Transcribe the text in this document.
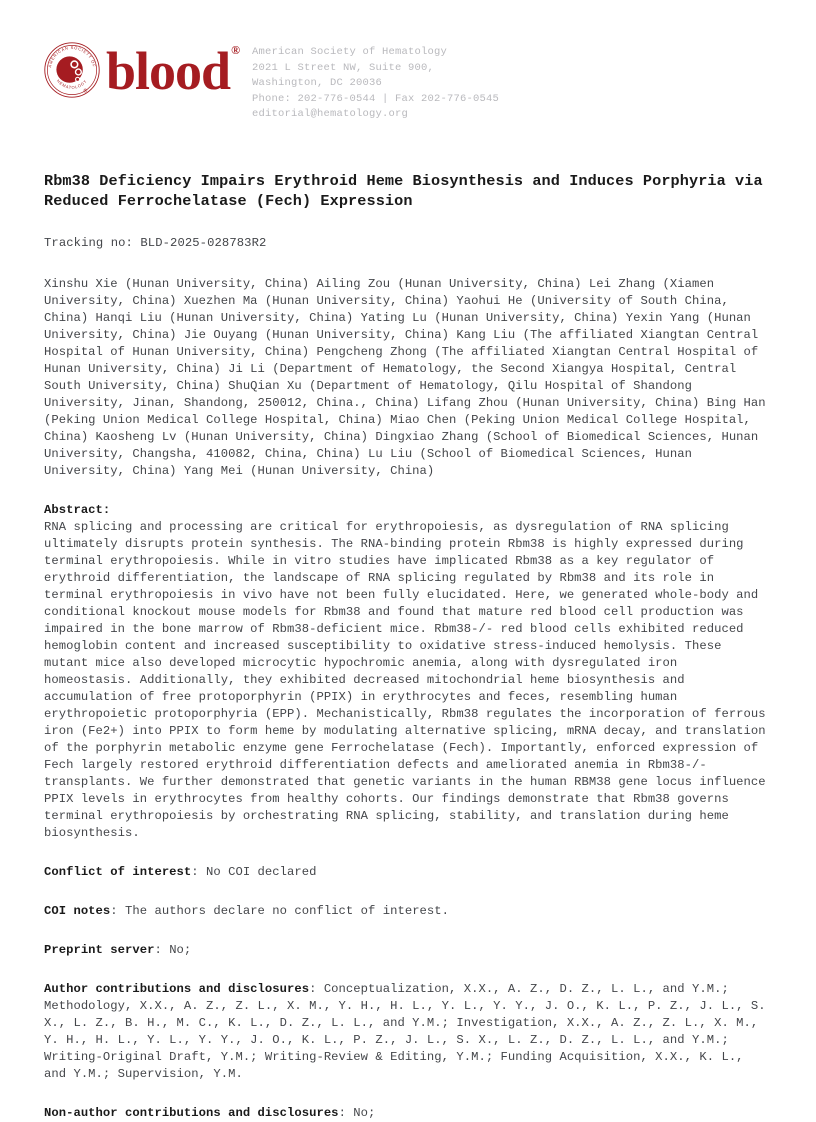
AMERICAN SOCIETY OF
HEMATOLOGY
® blood® American Society of Hematology
2021 L Street NW, Suite 900,
Washington, DC 20036
Phone: 202-776-0544 | Fax 202-776-0545
editorial@hematology.org
Rbm38 Deficiency Impairs Erythroid Heme Biosynthesis and Induces Porphyria via Reduced Ferrochelatase (Fech) Expression
Tracking no: BLD-2025-028783R2
Xinshu Xie (Hunan University, China) Ailing Zou (Hunan University, China) Lei Zhang (Xiamen University, China) Xuezhen Ma (Hunan University, China) Yaohui He (University of South China, China) Hanqi Liu (Hunan University, China) Yating Lu (Hunan University, China) Yexin Yang (Hunan University, China) Jie Ouyang (Hunan University, China) Kang Liu (The affiliated Xiangtan Central Hospital of Hunan University, China) Pengcheng Zhong (The affiliated Xiangtan Central Hospital of Hunan University, China) Ji Li (Department of Hematology, the Second Xiangya Hospital, Central South University, China) ShuQian Xu (Department of Hematology, Qilu Hospital of Shandong University, Jinan, Shandong, 250012, China., China) Lifang Zhou (Hunan University, China) Bing Han (Peking Union Medical College Hospital, China) Miao Chen (Peking Union Medical College Hospital, China) Kaosheng Lv (Hunan University, China) Dingxiao Zhang (School of Biomedical Sciences, Hunan University, Changsha, 410082, China, China) Lu Liu (School of Biomedical Sciences, Hunan University, China) Yang Mei (Hunan University, China)
Abstract:
RNA splicing and processing are critical for erythropoiesis, as dysregulation of RNA splicing ultimately disrupts protein synthesis. The RNA-binding protein Rbm38 is highly expressed during terminal erythropoiesis. While in vitro studies have implicated Rbm38 as a key regulator of erythroid differentiation, the landscape of RNA splicing regulated by Rbm38 and its role in terminal erythropoiesis in vivo have not been fully elucidated. Here, we generated whole-body and conditional knockout mouse models for Rbm38 and found that mature red blood cell production was impaired in the bone marrow of Rbm38-deficient mice. Rbm38-/- red blood cells exhibited reduced hemoglobin content and increased susceptibility to oxidative stress-induced hemolysis. These mutant mice also developed microcytic hypochromic anemia, along with dysregulated iron homeostasis. Additionally, they exhibited decreased mitochondrial heme biosynthesis and accumulation of free protoporphyrin (PPIX) in erythrocytes and feces, resembling human erythropoietic protoporphyria (EPP). Mechanistically, Rbm38 regulates the incorporation of ferrous iron (Fe2+) into PPIX to form heme by modulating alternative splicing, mRNA decay, and translation of the porphyrin metabolic enzyme gene Ferrochelatase (Fech). Importantly, enforced expression of Fech largely restored erythroid differentiation defects and ameliorated anemia in Rbm38-/- transplants. We further demonstrated that genetic variants in the human RBM38 gene locus influence PPIX levels in erythrocytes from healthy cohorts. Our findings demonstrate that Rbm38 governs terminal erythropoiesis by orchestrating RNA splicing, stability, and translation during heme biosynthesis.
Conflict of interest: No COI declared
COI notes: The authors declare no conflict of interest.
Preprint server: No;
Author contributions and disclosures: Conceptualization, X.X., A. Z., D. Z., L. L., and Y.M.; Methodology, X.X., A. Z., Z. L., X. M., Y. H., H. L., Y. L., Y. Y., J. O., K. L., P. Z., J. L., S. X., L. Z., B. H., M. C., K. L., D. Z., L. L., and Y.M.; Investigation, X.X., A. Z., Z. L., X. M., Y. H., H. L., Y. L., Y. Y., J. O., K. L., P. Z., J. L., S. X., L. Z., D. Z., L. L., and Y.M.; Writing-Original Draft, Y.M.; Writing-Review & Editing, Y.M.; Funding Acquisition, X.X., K. L., and Y.M.; Supervision, Y.M.
Non-author contributions and disclosures: No;
